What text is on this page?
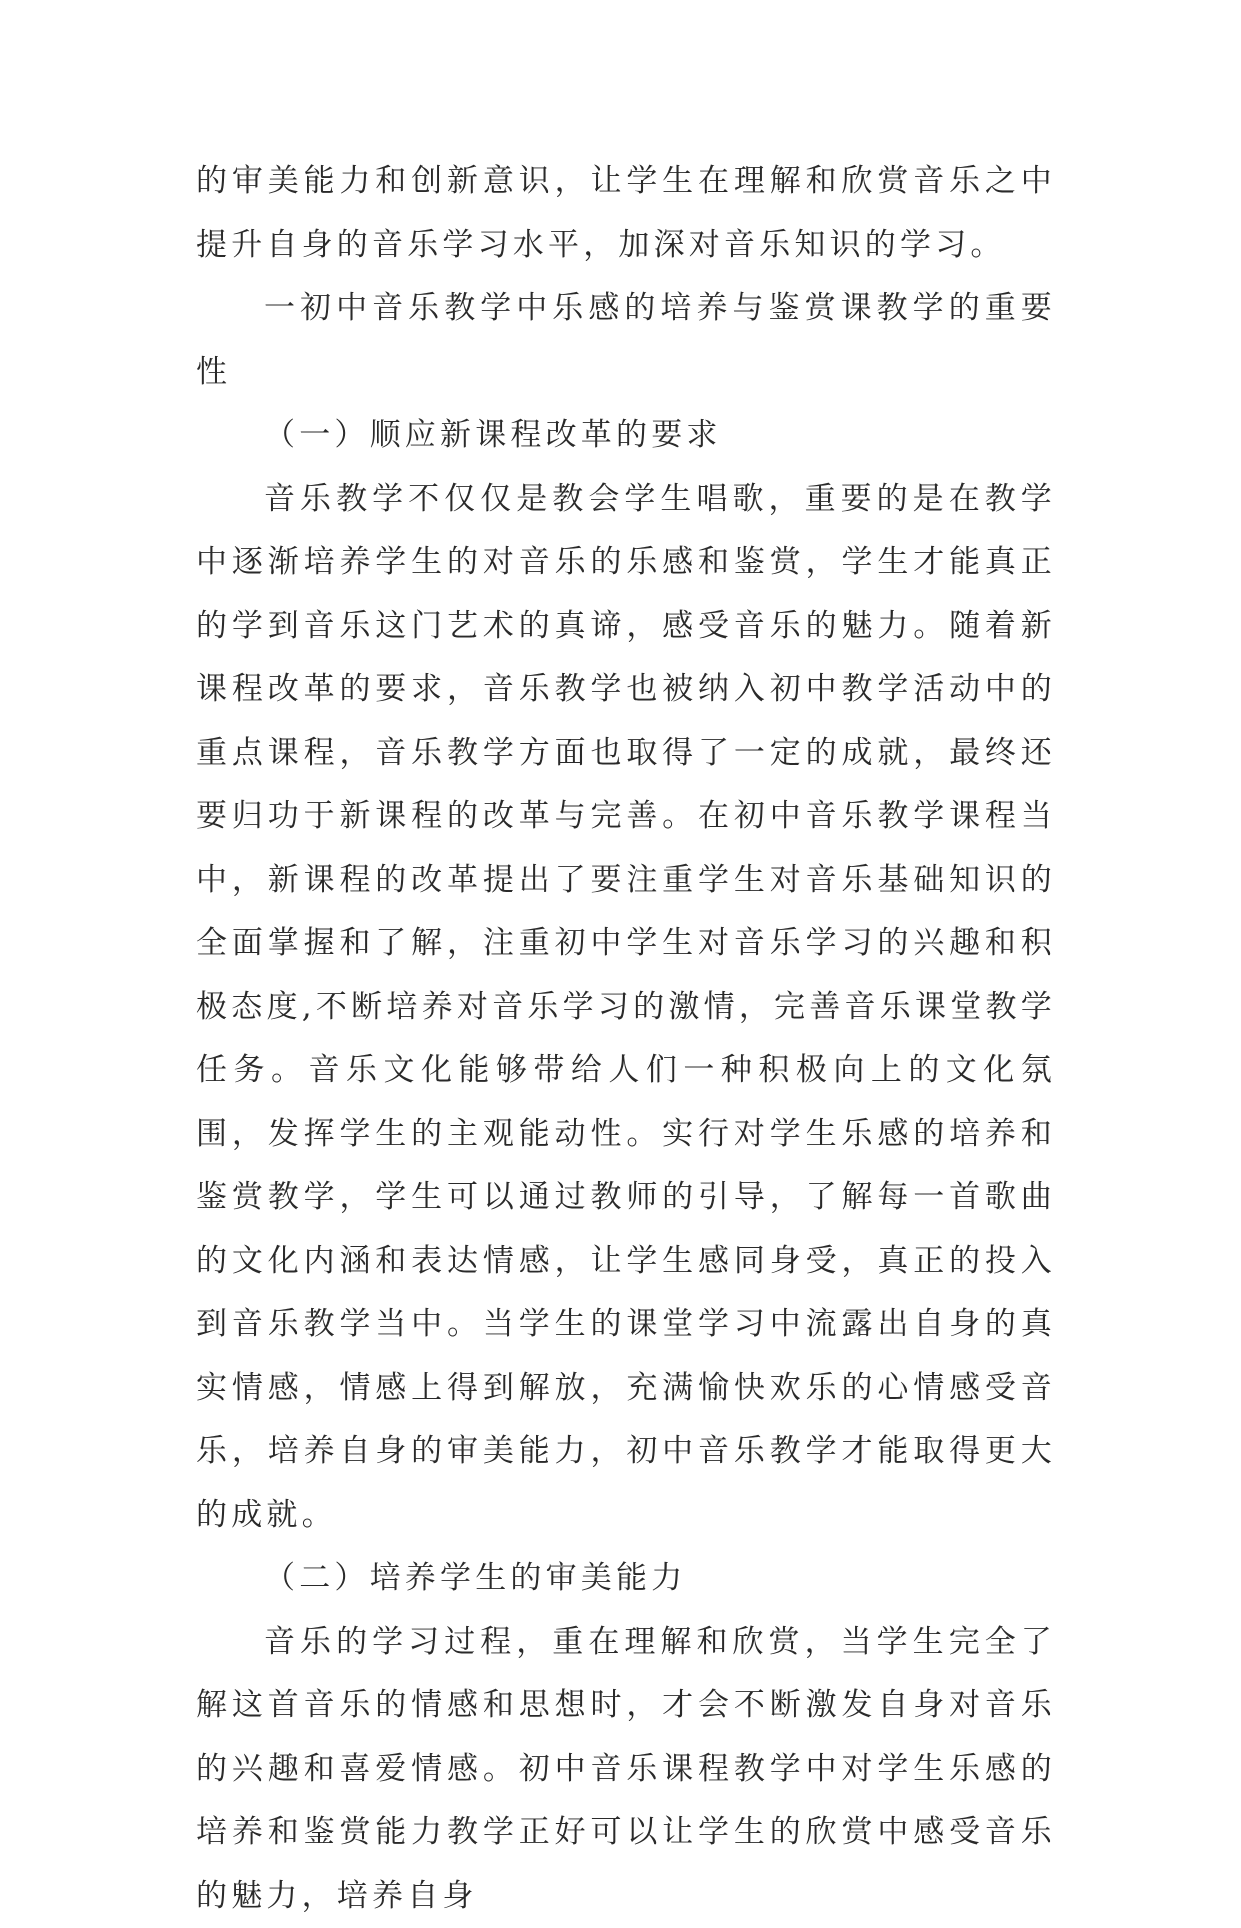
的审美能力和创新意识，让学生在理解和欣赏音乐之中提升自身的音乐学习水平，加深对音乐知识的学习。

一初中音乐教学中乐感的培养与鉴赏课教学的重要性

（一）顺应新课程改革的要求

音乐教学不仅仅是教会学生唱歌，重要的是在教学中逐渐培养学生的对音乐的乐感和鉴赏，学生才能真正的学到音乐这门艺术的真谛，感受音乐的魅力。随着新课程改革的要求，音乐教学也被纳入初中教学活动中的重点课程，音乐教学方面也取得了一定的成就，最终还要归功于新课程的改革与完善。在初中音乐教学课程当中，新课程的改革提出了要注重学生对音乐基础知识的全面掌握和了解，注重初中学生对音乐学习的兴趣和积极态度,不断培养对音乐学习的激情，完善音乐课堂教学任务。音乐文化能够带给人们一种积极向上的文化氛围，发挥学生的主观能动性。实行对学生乐感的培养和鉴赏教学，学生可以通过教师的引导，了解每一首歌曲的文化内涵和表达情感，让学生感同身受，真正的投入到音乐教学当中。当学生的课堂学习中流露出自身的真实情感，情感上得到解放，充满愉快欢乐的心情感受音乐，培养自身的审美能力，初中音乐教学才能取得更大的成就。

（二）培养学生的审美能力

音乐的学习过程，重在理解和欣赏，当学生完全了解这首音乐的情感和思想时，才会不断激发自身对音乐的兴趣和喜爱情感。初中音乐课程教学中对学生乐感的培养和鉴赏能力教学正好可以让学生的欣赏中感受音乐的魅力，培养自身
